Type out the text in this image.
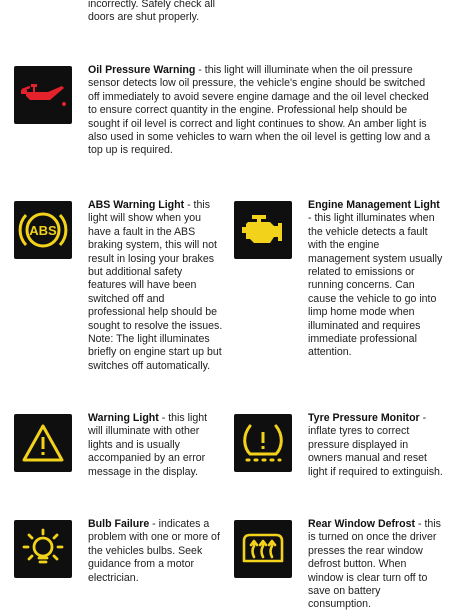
incorrectly. Safely check all
doors are shut properly.
Oil Pressure Warning - this light will illuminate when the oil pressure sensor detects low oil pressure, the vehicle's engine should be switched off immediately to avoid severe engine damage and the oil level checked to ensure correct quantity in the engine. Professional help should be sought if oil level is correct and light continues to show. An amber light is also used in some vehicles to warn when the oil level is getting low and a top up is required.
ABS
ABS Warning Light - this light will show when you have a fault in the ABS braking system, this will not result in losing your brakes but additional safety features will have been switched off and professional help should be sought to resolve the issues. Note: The light illuminates briefly on engine start up but switches off automatically.
Engine Management Light - this light illuminates when the vehicle detects a fault with the engine management system usually related to emissions or running concerns. Can cause the vehicle to go into limp home mode when illuminated and requires immediate professional attention.
Warning Light - this light will illuminate with other lights and is usually accompanied by an error message in the display.
Tyre Pressure Monitor - inflate tyres to correct pressure displayed in owners manual and reset light if required to extinguish.
Bulb Failure - indicates a problem with one or more of the vehicles bulbs. Seek guidance from a motor electrician.
Rear Window Defrost - this is turned on once the driver presses the rear window defrost button. When window is clear turn off to save on battery consumption.
